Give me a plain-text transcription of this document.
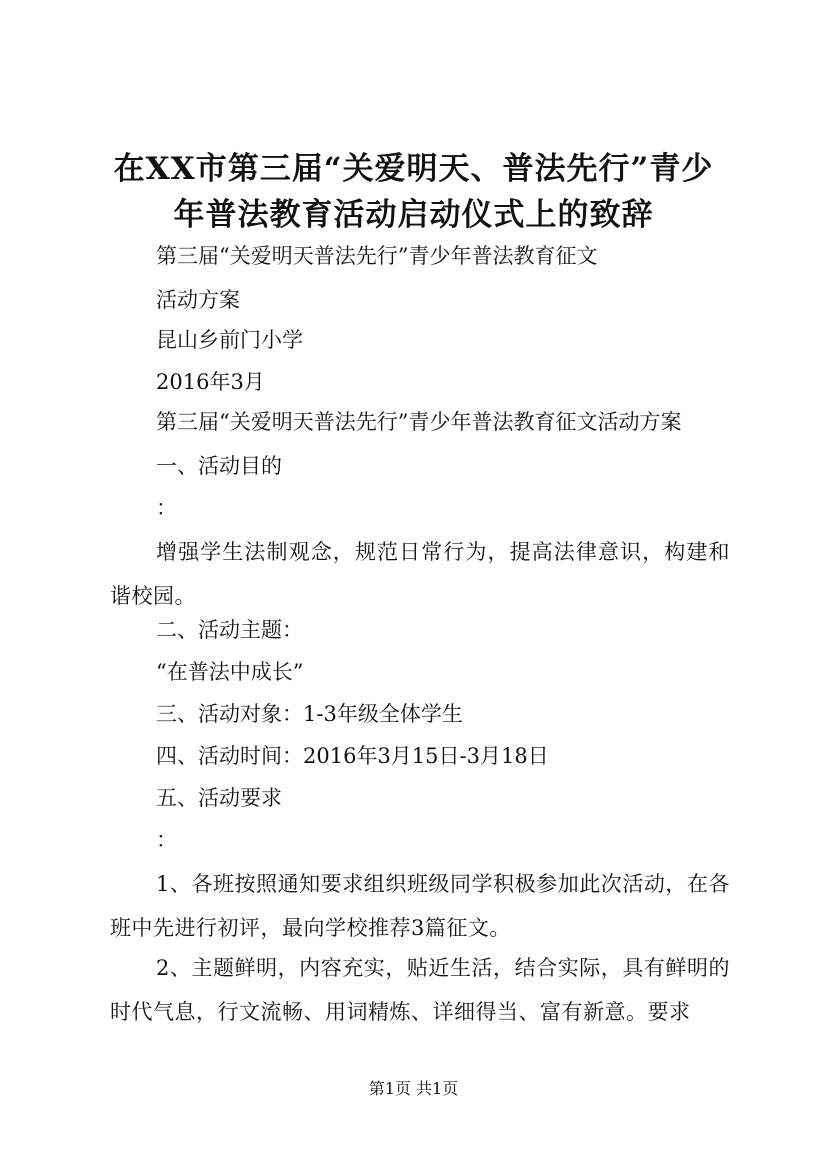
在XX市第三届“关爱明天、普法先行”青少
年普法教育活动启动仪式上的致辞

第三届“关爱明天普法先行”青少年普法教育征文

活动方案

昆山乡前门小学

2016年3月

第三届“关爱明天普法先行”青少年普法教育征文活动方案

一、活动目的

：

增强学生法制观念，规范日常行为，提高法律意识，构建和谐校园。

二、活动主题：

“在普法中成长”

三、活动对象：1-3年级全体学生

四、活动时间：2016年3月15日-3月18日

五、活动要求

：

1、各班按照通知要求组织班级同学积极参加此次活动，在各班中先进行初评，最向学校推荐3篇征文。

2、主题鲜明，内容充实，贴近生活，结合实际，具有鲜明的时代气息，行文流畅、用词精炼、详细得当、富有新意。要求

第1页 共1页
